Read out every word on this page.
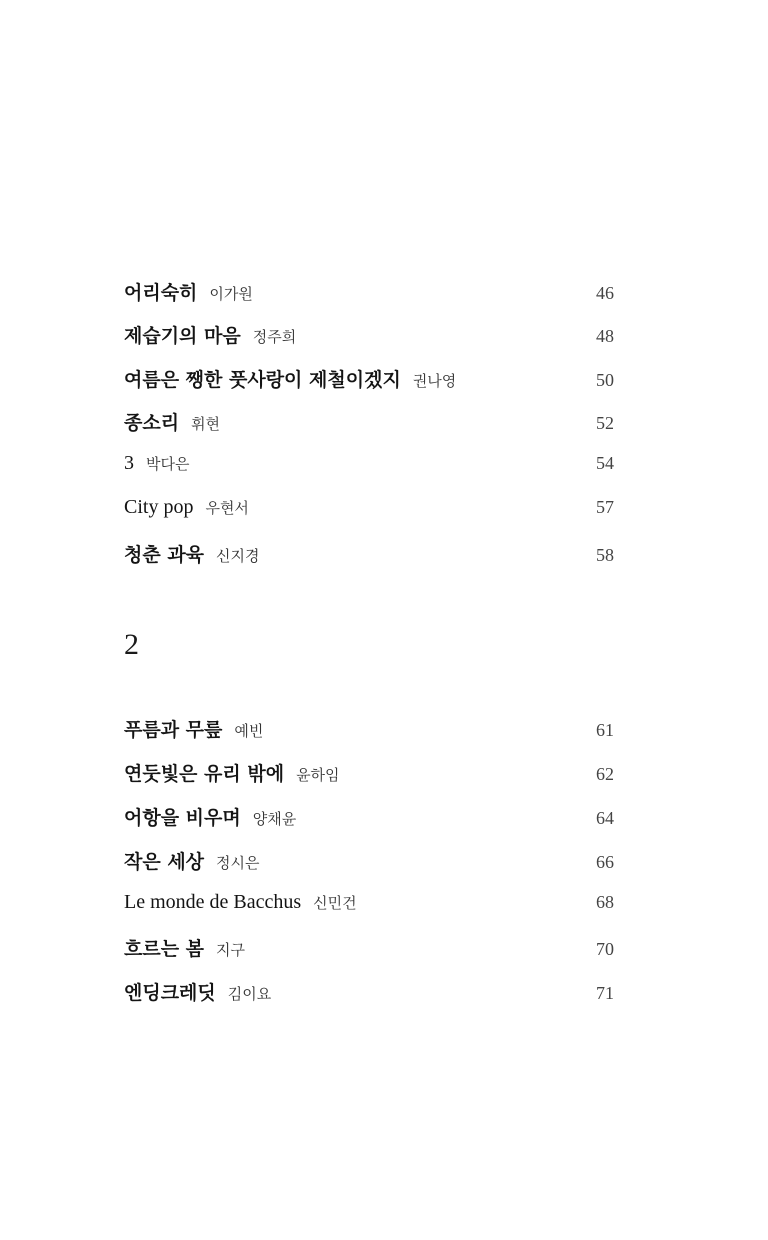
어리숙히 이가원	46
제습기의 마음 정주희	48
여름은 쨍한 풋사랑이 제철이겠지 권나영	50
종소리 휘현	52
3 박다은	54
City pop 우현서	57
청춘 과육 신지경	58
2
푸름과 무릎 예빈	61
연둣빛은 유리 밖에 윤하임	62
어항을 비우며 양채윤	64
작은 세상 정시은	66
Le monde de Bacchus 신민건	68
흐르는 봄 지구	70
엔딩크레딧 김이요	71
